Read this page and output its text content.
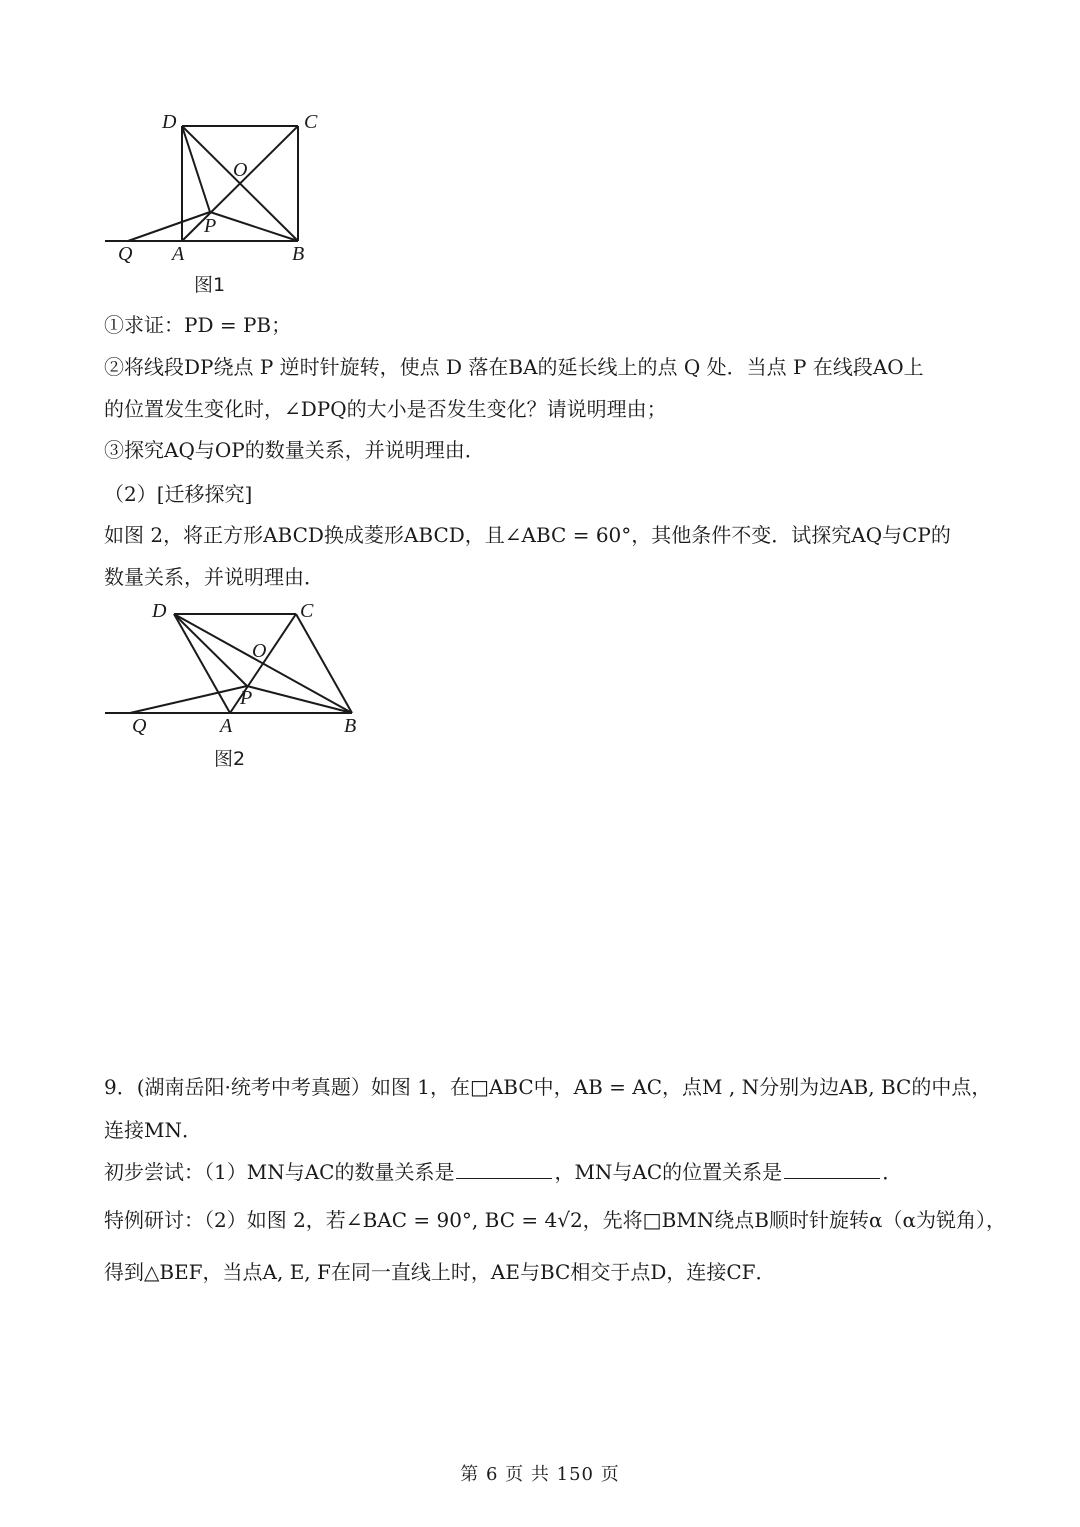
D	C
O
P
Q A	B
图1
①求证：PD = PB；
②将线段DP绕点 P 逆时针旋转，使点 D 落在BA的延长线上的点 Q 处．当点 P 在线段AO上
的位置发生变化时，∠DPQ的大小是否发生变化？请说明理由；
③探究AQ与OP的数量关系，并说明理由．
（2）[迁移探究]
如图 2，将正方形ABCD换成菱形ABCD，且∠ABC = 60°，其他条件不变．试探究AQ与CP的
数量关系，并说明理由．
D	C
O
P
Q	A	B
图2
9．(湖南岳阳·统考中考真题）如图 1，在□ABC中，AB = AC，点M , N分别为边AB, BC的中点，
连接MN．
初步尝试：（1）MN与AC的数量关系是	，MN与AC的位置关系是	．
特例研讨：（2）如图 2，若∠BAC = 90°, BC = 4√2，先将□BMN绕点B顺时针旋转α（α为锐角），
得到△BEF，当点A, E, F在同一直线上时，AE与BC相交于点D，连接CF．
第 6 页 共 150 页
